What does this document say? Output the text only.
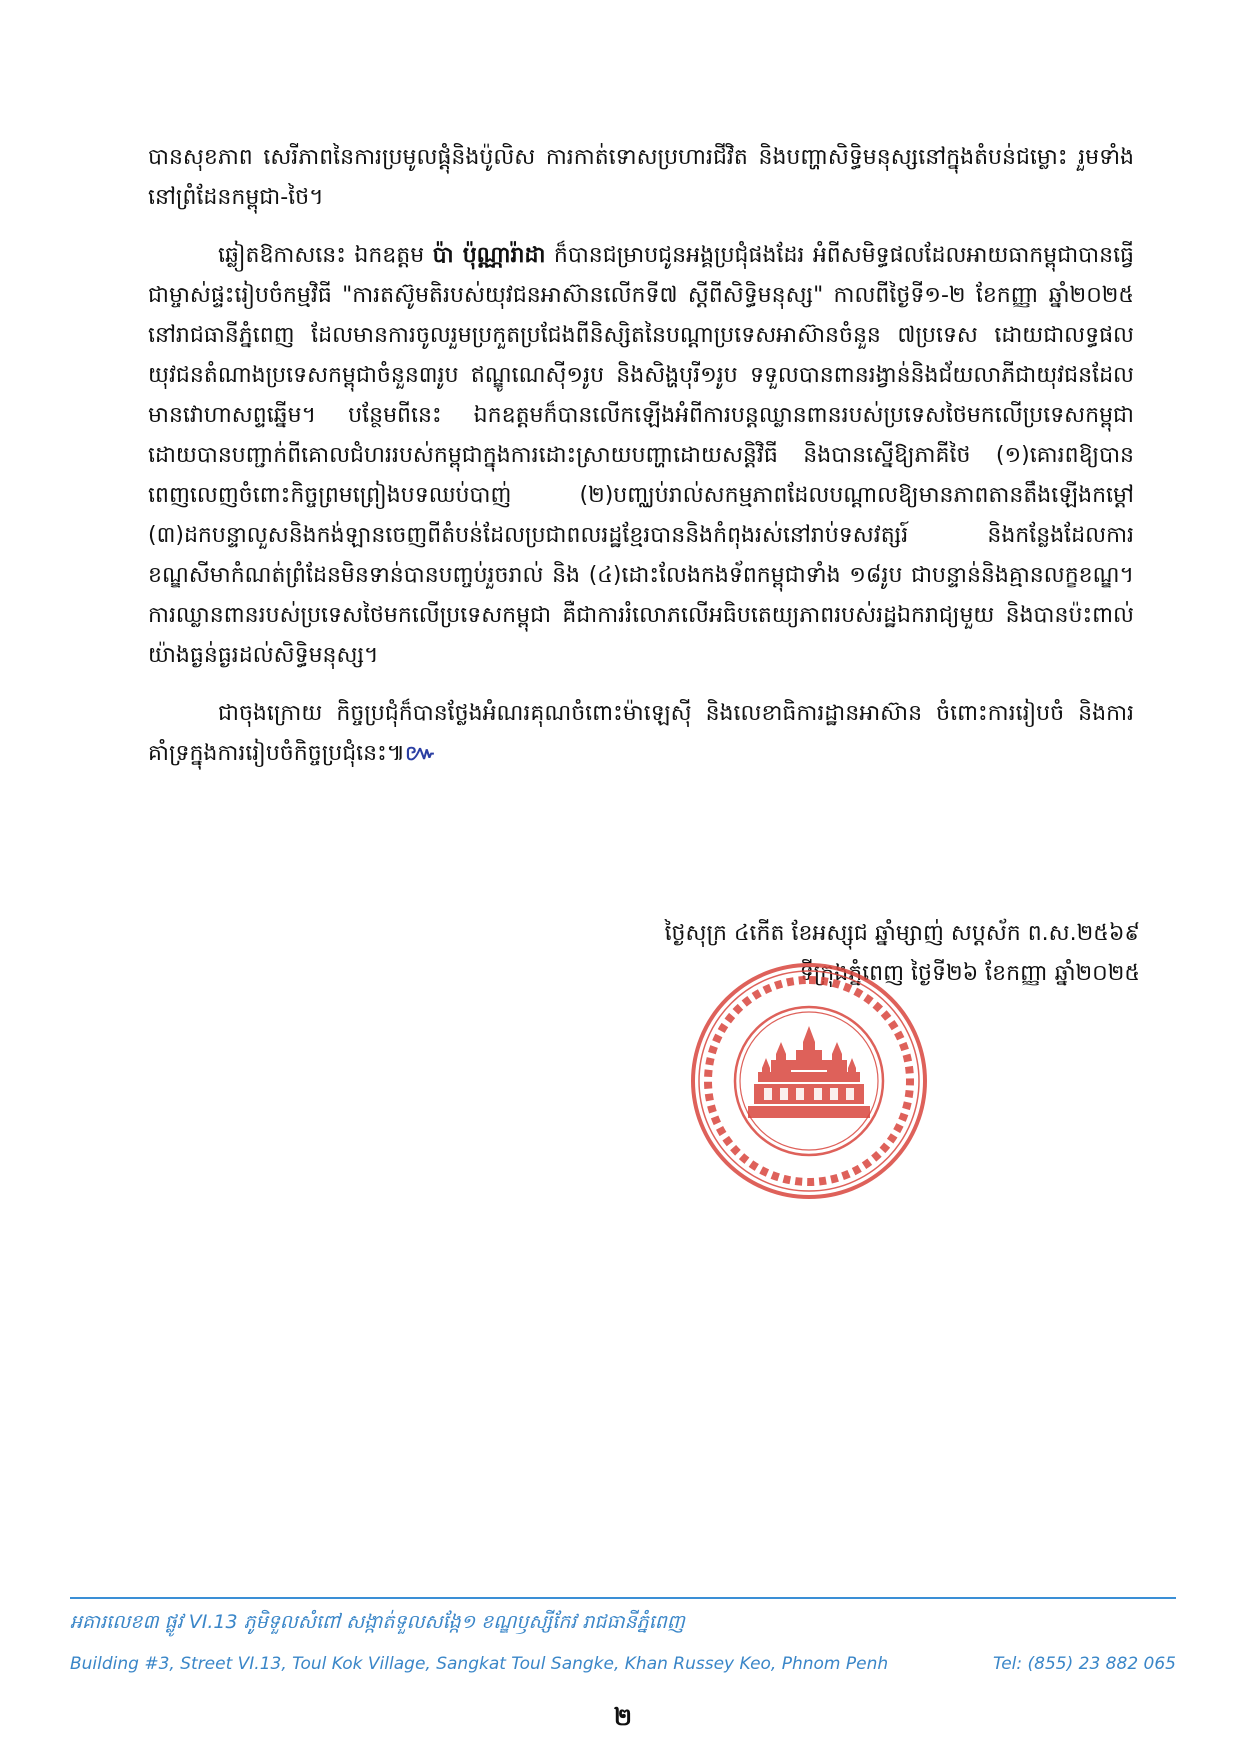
បានសុខភាព សេរីភាពនៃការប្រមូលផ្តុំនិងប៉ូលិស ការកាត់ទោសប្រហារជីវិត និងបញ្ហាសិទ្ធិមនុស្សនៅក្នុងតំបន់ជម្លោះ រួមទាំងនៅព្រំដែនកម្ពុជា-ថៃ។

ឆ្លៀតឱកាសនេះ ឯកឧត្តម ប៉ា ប៉ុណ្ណារ៉ាដា ក៏បានជម្រាបជូនអង្គប្រជុំផងដែរ អំពីសមិទ្ធផលដែលអាយធាកម្ពុជាបានធ្វើជាម្ចាស់ផ្ទះរៀបចំកម្មវិធី "ការតស៊ូមតិរបស់យុវជនអាស៊ានលើកទី៧ ស្តីពីសិទ្ធិមនុស្ស" កាលពីថ្ងៃទី១-២ ខែកញ្ញា ឆ្នាំ២០២៥ នៅរាជធានីភ្នំពេញ ដែលមានការចូលរួមប្រកួតប្រជែងពីនិស្សិតនៃបណ្តាប្រទេសអាស៊ានចំនួន ៧ប្រទេស ដោយជាលទ្ធផលយុវជនតំណាងប្រទេសកម្ពុជាចំនួន៣រូប ឥណ្ឌូណេស៊ី១រូប និងសិង្ហបុរី១រូប ទទួលបានពានរង្វាន់និងជ័យលាភីជាយុវជនដែលមានវោហាសព្ទឆ្នើម។ បន្ថែមពីនេះ ឯកឧត្តមក៏បានលើកឡើងអំពីការបន្តឈ្លានពានរបស់ប្រទេសថៃមកលើប្រទេសកម្ពុជា ដោយបានបញ្ជាក់ពីគោលជំហររបស់កម្ពុជាក្នុងការដោះស្រាយបញ្ហាដោយសន្តិវិធី និងបានស្នើឱ្យភាគីថៃ (១)គោរពឱ្យបានពេញលេញចំពោះកិច្ចព្រមព្រៀងបទឈប់បាញ់ (២)បញ្ឈប់រាល់សកម្មភាពដែលបណ្តាលឱ្យមានភាពតានតឹងឡើងកម្តៅ (៣)ដកបន្ទាលួសនិងកង់ឡានចេញពីតំបន់ដែលប្រជាពលរដ្ឋខ្មែរបាននិងកំពុងរស់នៅរាប់ទសវត្សរ៍ និងកន្លែងដែលការខណ្ឌសីមាកំណត់ព្រំដែនមិនទាន់បានបញ្ចប់រួចរាល់ និង (៤)ដោះលែងកងទ័ពកម្ពុជាទាំង ១៨រូប ជាបន្ទាន់និងគ្មានលក្ខខណ្ឌ។ ការឈ្លានពានរបស់ប្រទេសថៃមកលើប្រទេសកម្ពុជា គឺជាការរំលោភលើអធិបតេយ្យភាពរបស់រដ្ឋឯករាជ្យមួយ និងបានប៉ះពាល់យ៉ាងធ្ងន់ធ្ងរដល់សិទ្ធិមនុស្ស។

ជាចុងក្រោយ កិច្ចប្រជុំក៏បានថ្លែងអំណរគុណចំពោះម៉ាឡេស៊ី និងលេខាធិការដ្ឋានអាស៊ាន ចំពោះការរៀបចំ និងការគាំទ្រក្នុងការរៀបចំកិច្ចប្រជុំនេះ៕៚

ថ្ងៃសុក្រ ៤កើត ខែអស្សុជ ឆ្នាំម្សាញ់ សប្តស័ក ព.ស.២៥៦៩
ទីក្រុងភ្នំពេញ ថ្ងៃទី២៦ ខែកញ្ញា ឆ្នាំ២០២៥
អគារលេខ៣ ផ្លូវ VI.13 ភូមិទួលសំពៅ សង្កាត់ទួលសង្កែ១ ខណ្ឌឫស្សីកែវ រាជធានីភ្នំពេញ
Building #3, Street VI.13, Toul Kok Village, Sangkat Toul Sangke, Khan Russey Keo, Phnom Penh	Tel: (855) 23 882 065
២
